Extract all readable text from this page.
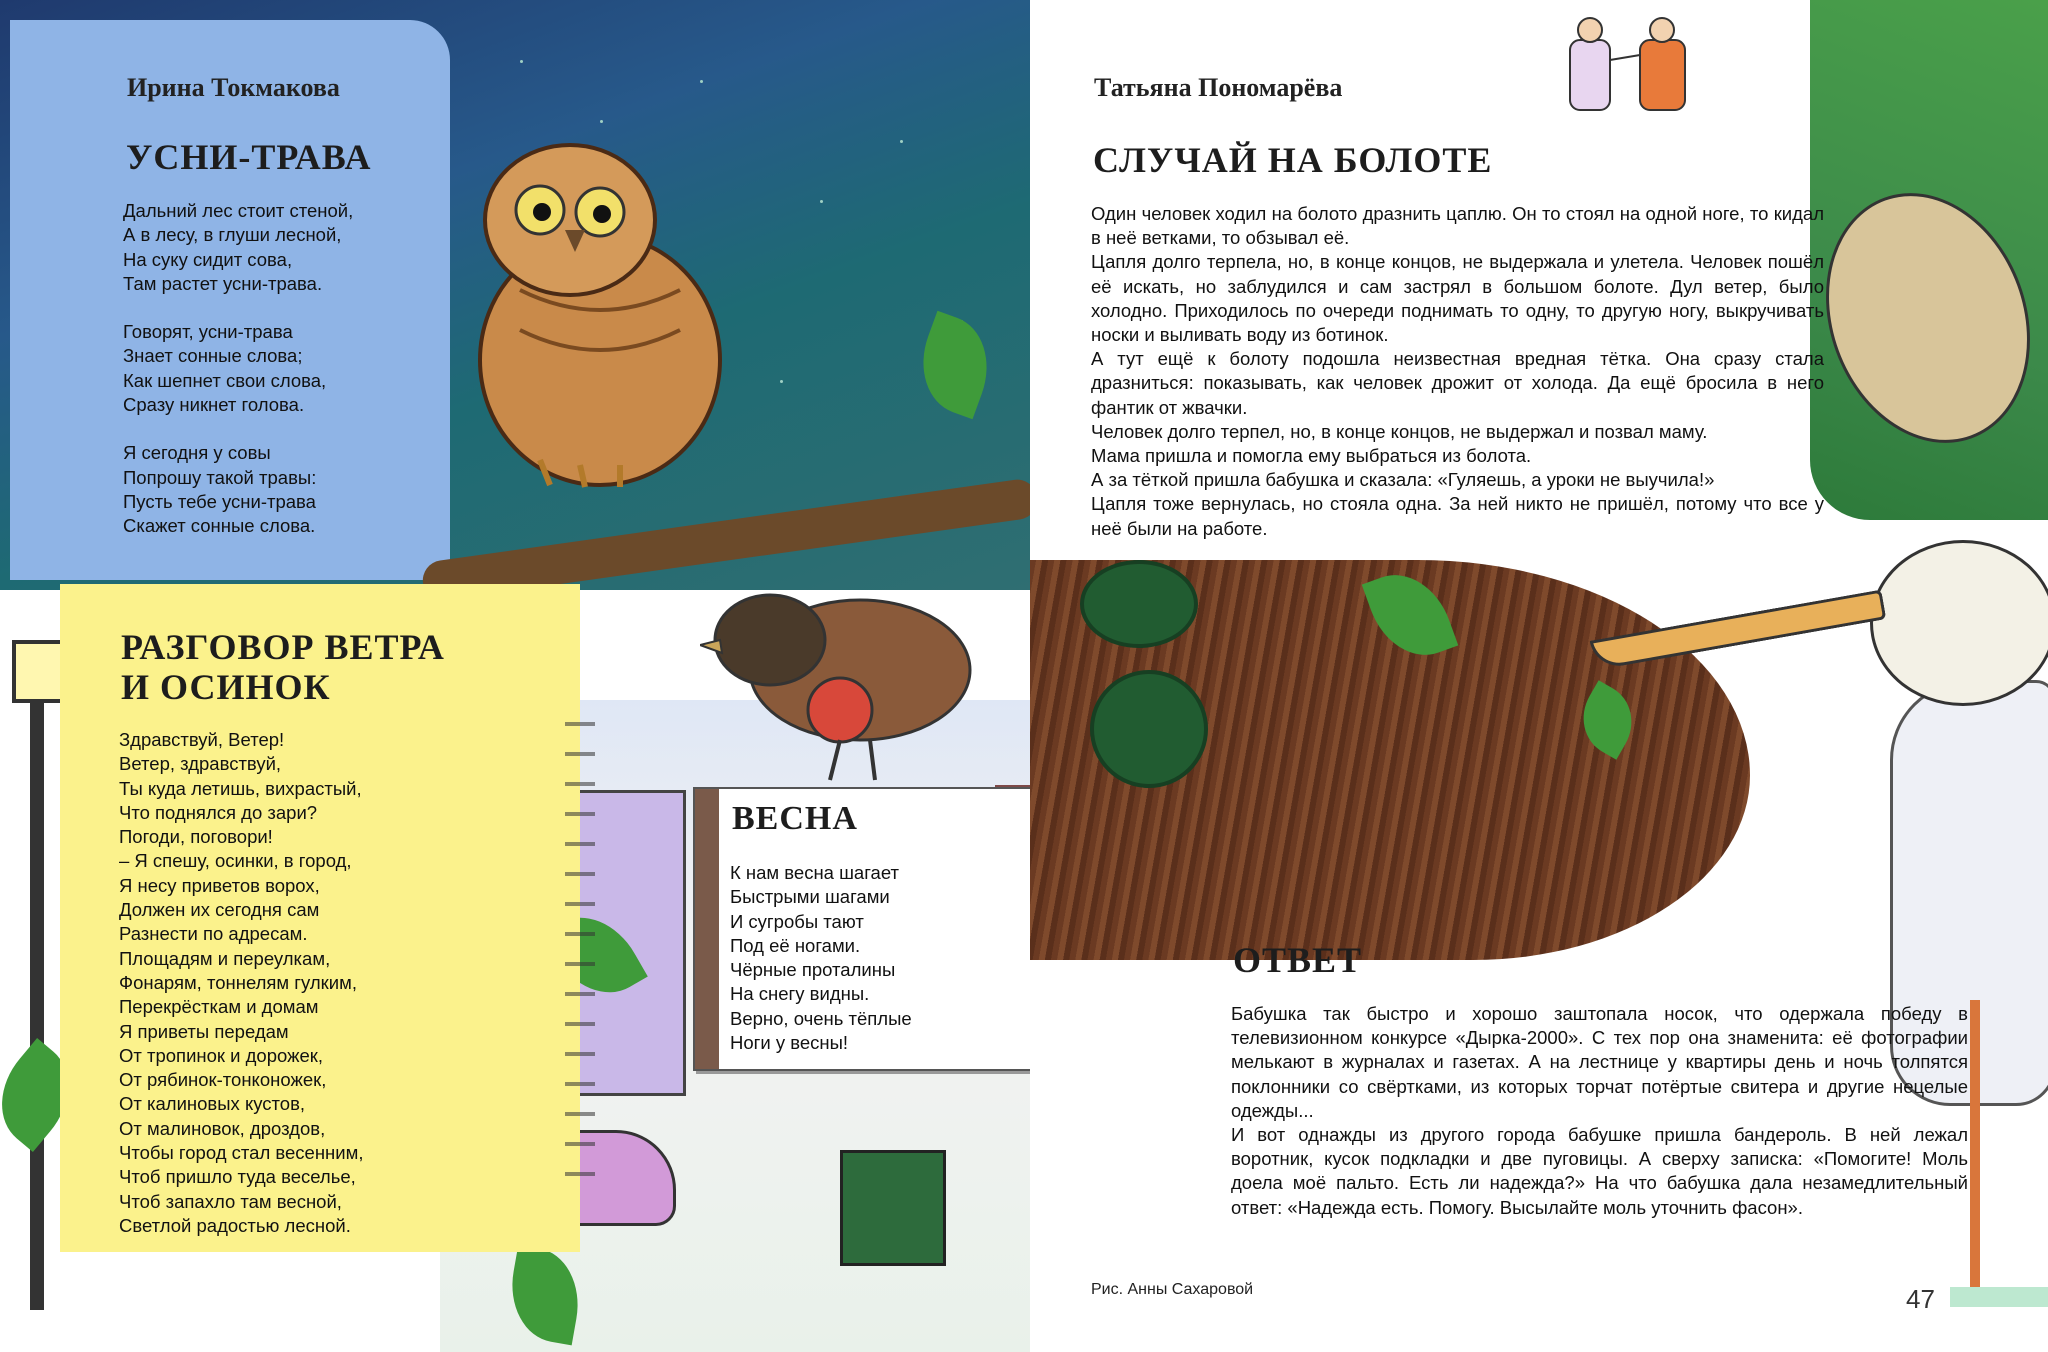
Ирина Токмакова
УСНИ-ТРАВА

Дальний лес стоит стеной,

А в лесу, в глуши лесной,

На суку сидит сова,

Там растет усни-трава.

Говорят, усни-трава

Знает сонные слова;

Как шепнет свои слова,

Сразу никнет голова.

Я сегодня у совы

Попрошу такой травы:

Пусть тебе усни-трава

Скажет сонные слова.

РАЗГОВОР ВЕТРА
И ОСИНОК

Здравствуй, Ветер!

Ветер, здравствуй,

Ты куда летишь, вихрастый,

Что поднялся до зари?

Погоди, поговори!

– Я спешу, осинки, в город,

Я несу приветов ворох,

Должен их сегодня сам

Разнести по адресам.

Площадям и переулкам,

Фонарям, тоннелям гулким,

Перекрёсткам и домам

Я приветы передам

От тропинок и дорожек,

От рябинок-тонконожек,

От калиновых кустов,

От малиновок, дроздов,

Чтобы город стал весенним,

Чтоб пришло туда веселье,

Чтоб запахло там весной,

Светлой радостью лесной.

ВЕСНА

К нам весна шагает

Быстрыми шагами

И сугробы тают

Под её ногами.

Чёрные проталины

На снегу видны.

Верно, очень тёплые

Ноги у весны!

Татьяна Пономарёва
СЛУЧАЙ НА БОЛОТЕ

Один человек ходил на болото дразнить цаплю. Он то стоял на одной ноге, то кидал в неё ветками, то обзывал её.

Цапля долго терпела, но, в конце концов, не выдержала и улетела. Человек пошёл её искать, но заблудился и сам застрял в большом болоте. Дул ветер, было холодно. Приходилось по очереди поднимать то одну, то другую ногу, выкручивать носки и выливать воду из ботинок.

А тут ещё к болоту подошла неизвестная вредная тётка. Она сразу стала дразниться: показывать, как человек дрожит от холода. Да ещё бросила в него фантик от жвачки.

Человек долго терпел, но, в конце концов, не выдержал и позвал маму.

Мама пришла и помогла ему выбраться из болота.

А за тёткой пришла бабушка и сказала: «Гуляешь, а уроки не выучила!»

Цапля тоже вернулась, но стояла одна. За ней никто не пришёл, потому что все у неё были на работе.

ОТВЕТ

Бабушка так быстро и хорошо заштопала носок, что одержала победу в телевизионном конкурсе «Дырка-2000». С тех пор она знаменита: её фотографии мелькают в журналах и газетах. А на лестнице у квартиры день и ночь толпятся поклонники со свёртками, из которых торчат потёртые свитера и другие нецелые одежды...

И вот однажды из другого города бабушке пришла бандероль. В ней лежал воротник, кусок подкладки и две пуговицы. А сверху записка: «Помогите! Моль доела моё пальто. Есть ли надежда?» На что бабушка дала незамедлительный ответ: «Надежда есть. Помогу. Высылайте моль уточнить фасон».

Рис. Анны Сахаровой	47
